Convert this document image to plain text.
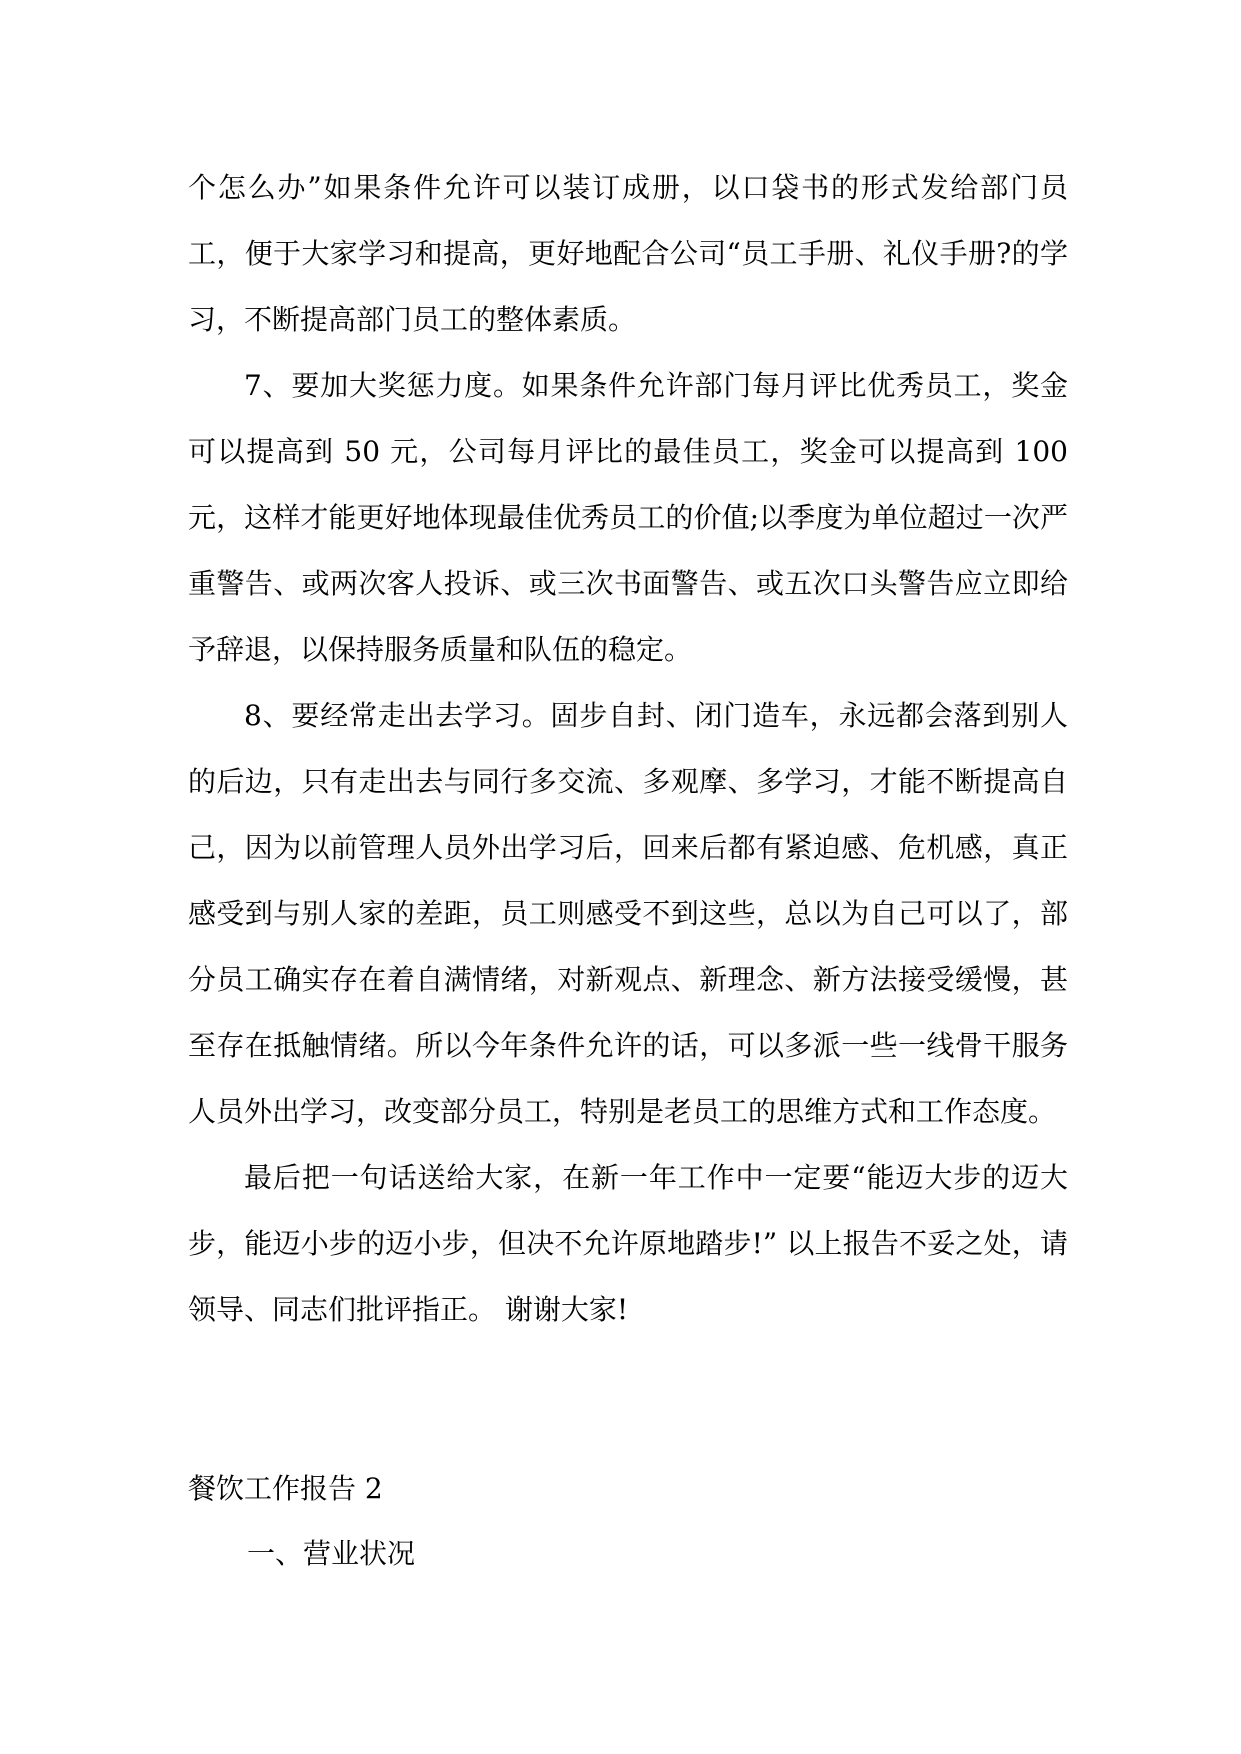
个怎么办”如果条件允许可以装订成册，以口袋书的形式发给部门员工，便于大家学习和提高，更好地配合公司“员工手册、礼仪手册?的学习，不断提高部门员工的整体素质。

7、要加大奖惩力度。如果条件允许部门每月评比优秀员工，奖金可以提高到 50 元，公司每月评比的最佳员工，奖金可以提高到 100 元，这样才能更好地体现最佳优秀员工的价值;以季度为单位超过一次严重警告、或两次客人投诉、或三次书面警告、或五次口头警告应立即给予辞退，以保持服务质量和队伍的稳定。

8、要经常走出去学习。固步自封、闭门造车，永远都会落到别人的后边，只有走出去与同行多交流、多观摩、多学习，才能不断提高自己，因为以前管理人员外出学习后，回来后都有紧迫感、危机感，真正感受到与别人家的差距，员工则感受不到这些，总以为自己可以了，部分员工确实存在着自满情绪，对新观点、新理念、新方法接受缓慢，甚至存在抵触情绪。所以今年条件允许的话，可以多派一些一线骨干服务人员外出学习，改变部分员工，特别是老员工的思维方式和工作态度。

最后把一句话送给大家，在新一年工作中一定要“能迈大步的迈大步，能迈小步的迈小步，但决不允许原地踏步!” 以上报告不妥之处，请领导、同志们批评指正。 谢谢大家!

餐饮工作报告 2

一、营业状况
